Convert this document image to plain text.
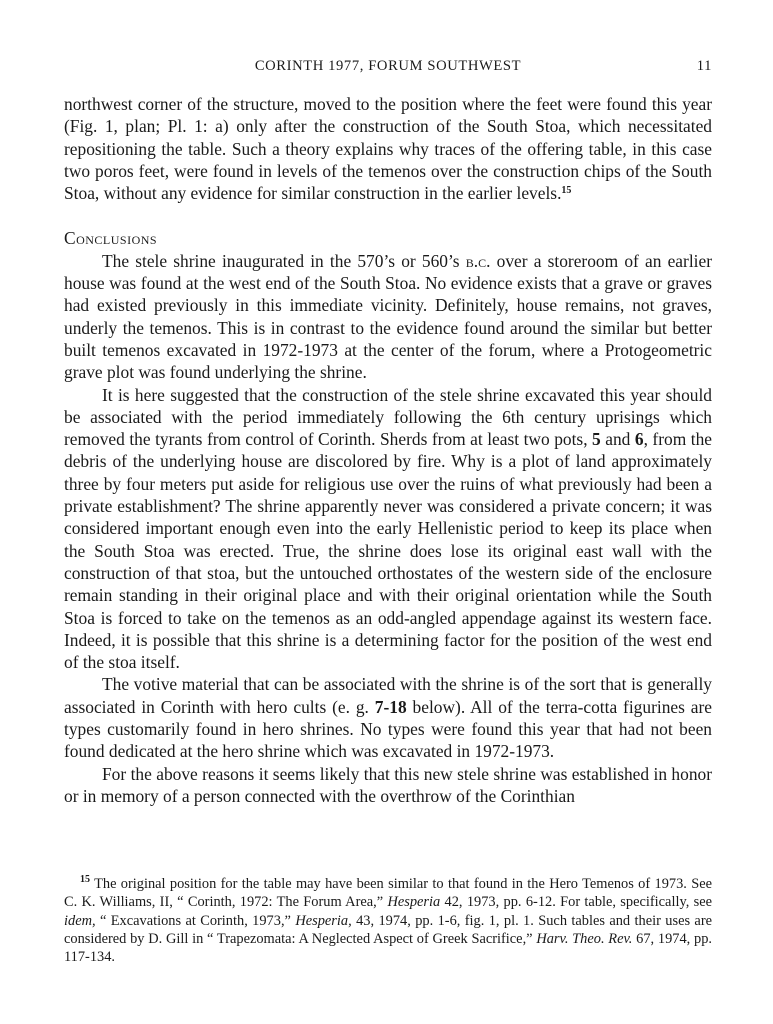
CORINTH 1977, FORUM SOUTHWEST	11

northwest corner of the structure, moved to the position where the feet were found this year (Fig. 1, plan; Pl. 1: a) only after the construction of the South Stoa, which necessitated repositioning the table. Such a theory explains why traces of the offering table, in this case two poros feet, were found in levels of the temenos over the construction chips of the South Stoa, without any evidence for similar construction in the earlier levels.$^{15}$

Conclusions

The stele shrine inaugurated in the 570’s or 560’s b.c. over a storeroom of an earlier house was found at the west end of the South Stoa. No evidence exists that a grave or graves had existed previously in this immediate vicinity. Definitely, house remains, not graves, underly the temenos. This is in contrast to the evidence found around the similar but better built temenos excavated in 1972-1973 at the center of the forum, where a Protogeometric grave plot was found underlying the shrine.

It is here suggested that the construction of the stele shrine excavated this year should be associated with the period immediately following the 6th century uprisings which removed the tyrants from control of Corinth. Sherds from at least two pots, 5 and 6, from the debris of the underlying house are discolored by fire. Why is a plot of land approximately three by four meters put aside for religious use over the ruins of what previously had been a private establishment? The shrine apparently never was considered a private concern; it was considered important enough even into the early Hellenistic period to keep its place when the South Stoa was erected. True, the shrine does lose its original east wall with the construction of that stoa, but the untouched orthostates of the western side of the enclosure remain standing in their original place and with their original orientation while the South Stoa is forced to take on the temenos as an odd-angled appendage against its western face. Indeed, it is possible that this shrine is a determining factor for the position of the west end of the stoa itself.

The votive material that can be associated with the shrine is of the sort that is generally associated in Corinth with hero cults (e. g. 7-18 below). All of the terra-cotta figurines are types customarily found in hero shrines. No types were found this year that had not been found dedicated at the hero shrine which was excavated in 1972-1973.

For the above reasons it seems likely that this new stele shrine was established in honor or in memory of a person connected with the overthrow of the Corinthian

$^{15}$ The original position for the table may have been similar to that found in the Hero Temenos of 1973. See C. K. Williams, II, “ Corinth, 1972: The Forum Area,” Hesperia 42, 1973, pp. 6-12. For table, specifically, see idem, “ Excavations at Corinth, 1973,” Hesperia, 43, 1974, pp. 1-6, fig. 1, pl. 1. Such tables and their uses are considered by D. Gill in “ Trapezomata: A Neglected Aspect of Greek Sacrifice,” Harv. Theo. Rev. 67, 1974, pp. 117-134.
